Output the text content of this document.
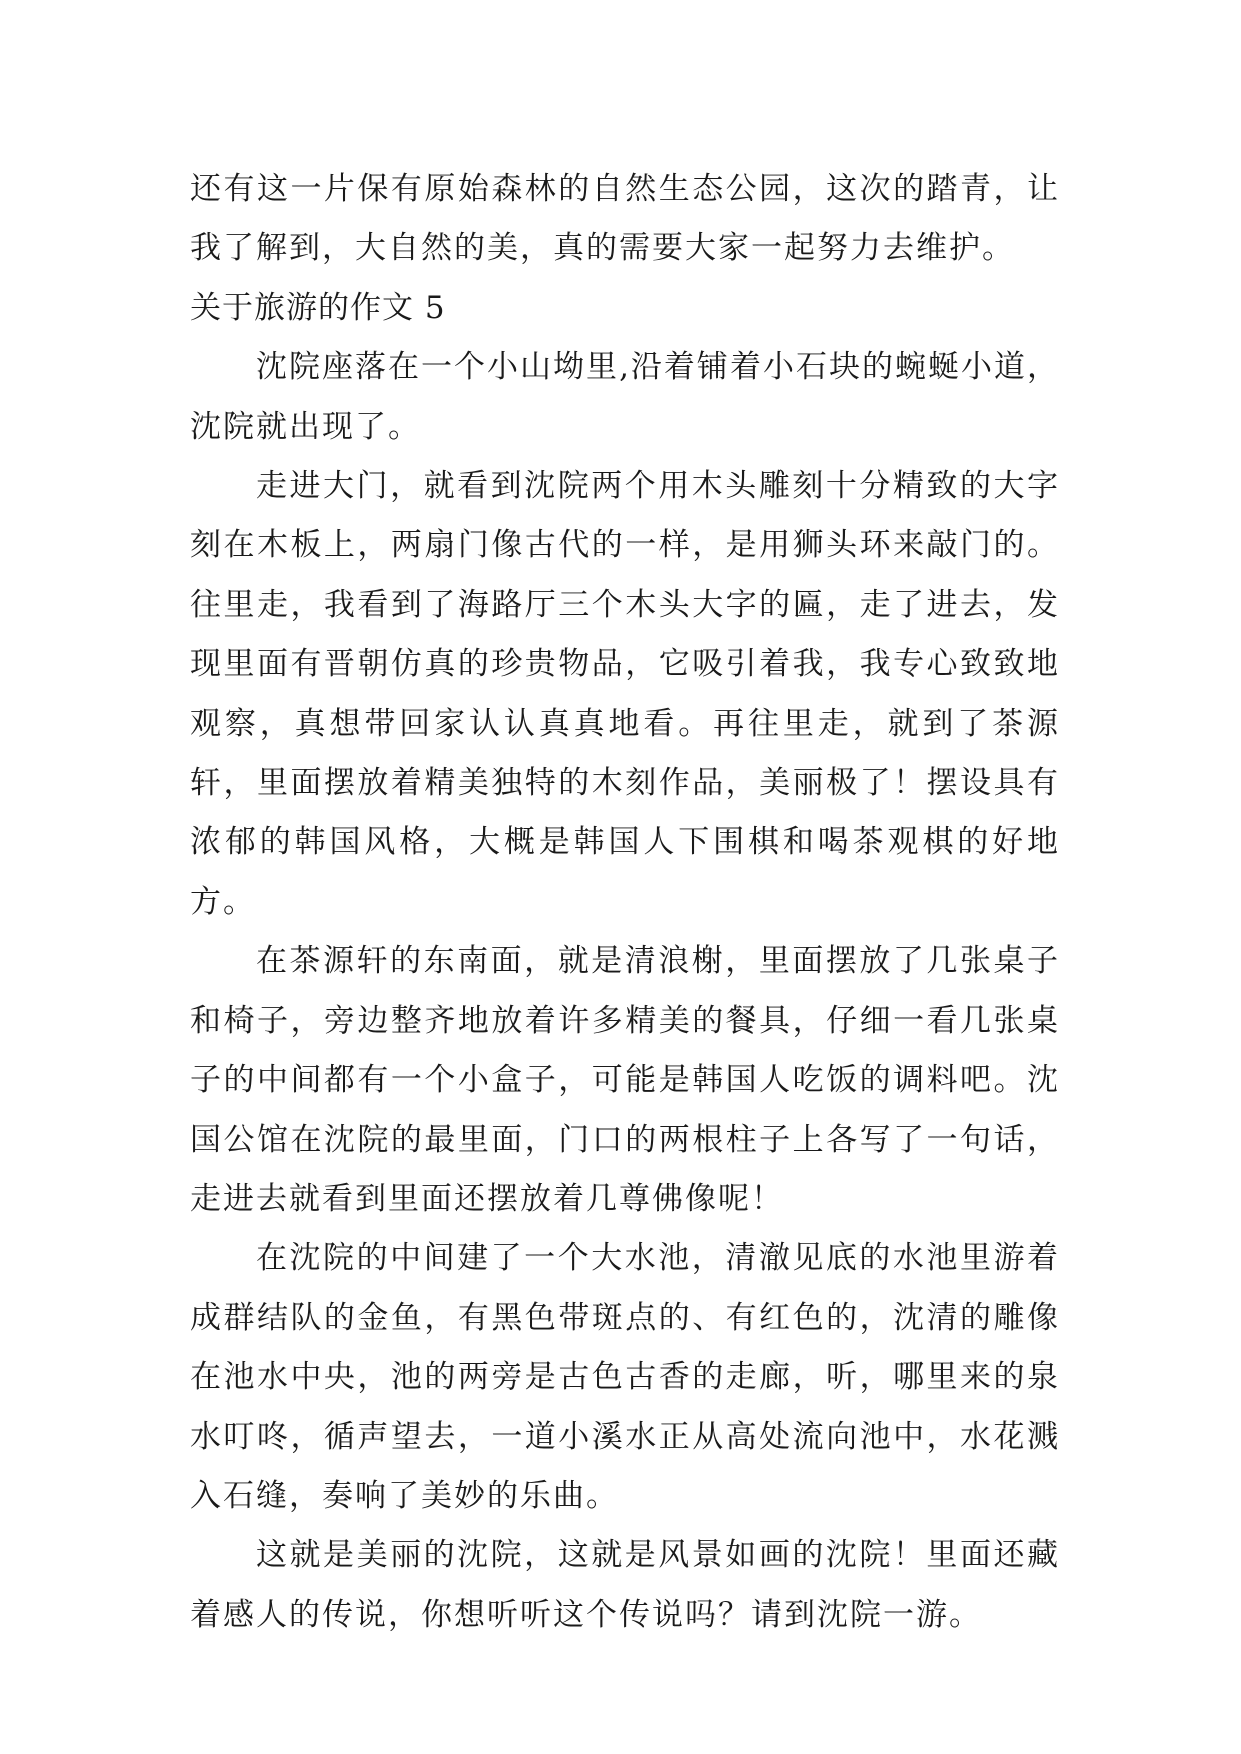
还有这一片保有原始森林的自然生态公园，这次的踏青，让我了解到，大自然的美，真的需要大家一起努力去维护。

关于旅游的作文 5

沈院座落在一个小山坳里,沿着铺着小石块的蜿蜒小道，沈院就出现了。

走进大门，就看到沈院两个用木头雕刻十分精致的大字刻在木板上，两扇门像古代的一样，是用狮头环来敲门的。往里走，我看到了海路厅三个木头大字的匾，走了进去，发现里面有晋朝仿真的珍贵物品，它吸引着我，我专心致致地观察，真想带回家认认真真地看。再往里走，就到了茶源轩，里面摆放着精美独特的木刻作品，美丽极了！摆设具有浓郁的韩国风格，大概是韩国人下围棋和喝茶观棋的好地方。

在茶源轩的东南面，就是清浪榭，里面摆放了几张桌子和椅子，旁边整齐地放着许多精美的餐具，仔细一看几张桌子的中间都有一个小盒子，可能是韩国人吃饭的调料吧。沈国公馆在沈院的最里面，门口的两根柱子上各写了一句话，走进去就看到里面还摆放着几尊佛像呢！

在沈院的中间建了一个大水池，清澈见底的水池里游着成群结队的金鱼，有黑色带斑点的、有红色的，沈清的雕像在池水中央，池的两旁是古色古香的走廊，听，哪里来的泉水叮咚，循声望去，一道小溪水正从高处流向池中，水花溅入石缝，奏响了美妙的乐曲。

这就是美丽的沈院，这就是风景如画的沈院！里面还藏着感人的传说，你想听听这个传说吗？请到沈院一游。
